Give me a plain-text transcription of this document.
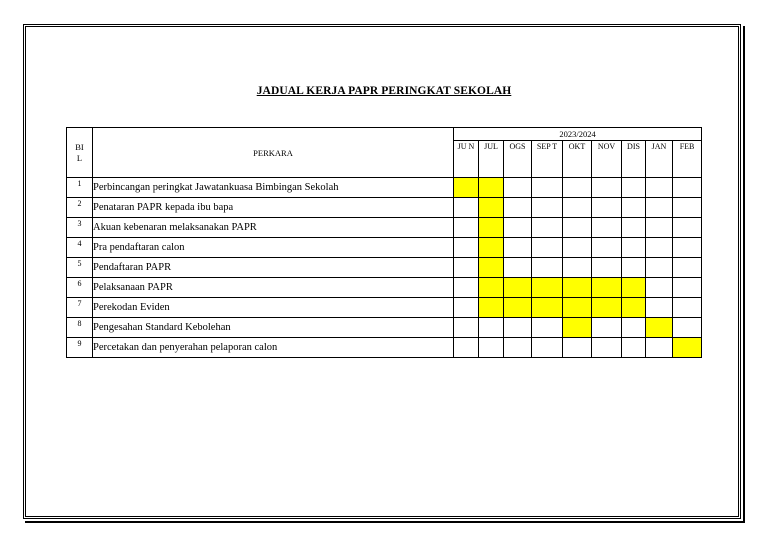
JADUAL KERJA PAPR PERINGKAT SEKOLAH
BI
L	PERKARA	2023/2024								
		JU N	JUL	OGS	SEP T	OKT	NOV	DIS	JAN	FEB
1	Perbincangan peringkat Jawatankuasa Bimbingan Sekolah									
2	Penataran PAPR kepada ibu bapa									
3	Akuan kebenaran melaksanakan PAPR									
4	Pra pendaftaran calon									
5	Pendaftaran PAPR									
6	Pelaksanaan PAPR									
7	Perekodan Eviden									
8	Pengesahan Standard Kebolehan									
9	Percetakan dan penyerahan pelaporan calon									
